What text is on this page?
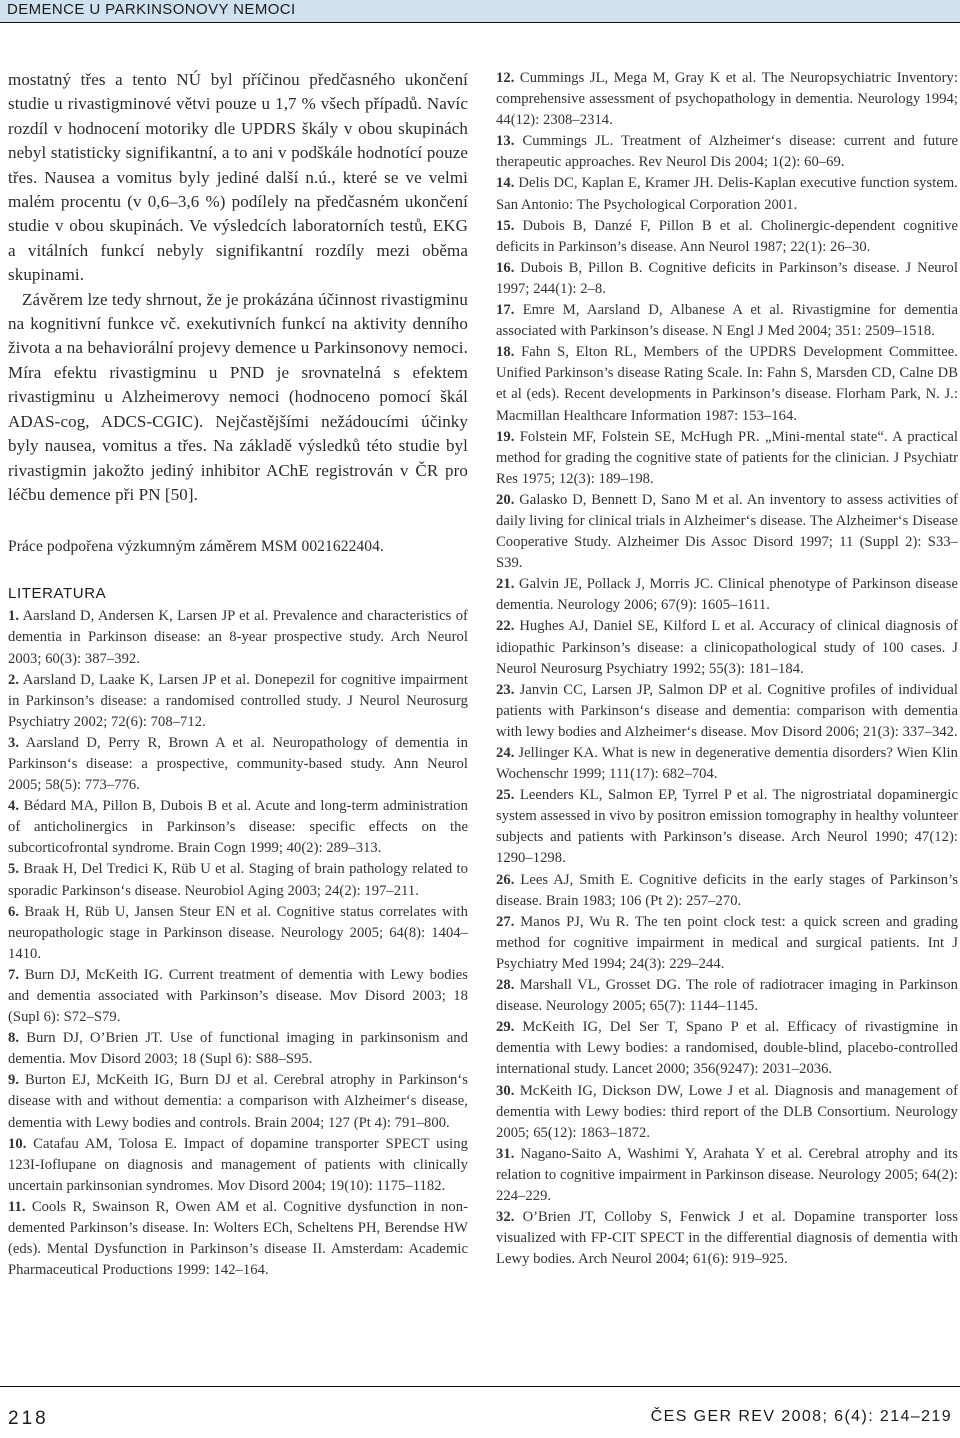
DEMENCE U PARKINSONOVY NEMOCI

mostatný třes a tento NÚ byl příčinou předčasného ukončení studie u rivastigminové větvi pouze u 1,7 % všech případů. Navíc rozdíl v hodnocení motoriky dle UPDRS škály v obou skupinách nebyl statisticky signifikantní, a to ani v podškále hodnotící pouze třes. Nausea a vomitus byly jediné další n.ú., které se ve velmi malém procentu (v 0,6–3,6 %) podílely na předčasném ukončení studie v obou skupinách. Ve výsledcích laboratorních testů, EKG a vitálních funkcí nebyly signifikantní rozdíly mezi oběma skupinami.

Závěrem lze tedy shrnout, že je prokázána účinnost rivastigminu na kognitivní funkce vč. exekutivních funkcí na aktivity denního života a na behaviorální projevy demence u Parkinsonovy nemoci. Míra efektu rivastigminu u PND je srovnatelná s efektem rivastigminu u Alzheimerovy nemoci (hodnoceno pomocí škál ADAS-cog, ADCS-CGIC). Nejčastějšími nežádoucími účinky byly nausea, vomitus a třes. Na základě výsledků této studie byl rivastigmin jakožto jediný inhibitor AChE registrován v ČR pro léčbu demence při PN [50].

Práce podpořena výzkumným záměrem MSM 0021622404.

LITERATURA
1. Aarsland D, Andersen K, Larsen JP et al. Prevalence and characteristics of dementia in Parkinson disease: an 8-year prospective study. Arch Neurol 2003; 60(3): 387–392.
2. Aarsland D, Laake K, Larsen JP et al. Donepezil for cognitive impairment in Parkinson’s disease: a randomised controlled study. J Neurol Neurosurg Psychiatry 2002; 72(6): 708–712.
3. Aarsland D, Perry R, Brown A et al. Neuropathology of dementia in Parkinson‘s disease: a prospective, community-based study. Ann Neurol 2005; 58(5): 773–776.
4. Bédard MA, Pillon B, Dubois B et al. Acute and long-term administration of anticholinergics in Parkinson’s disease: specific effects on the subcorticofrontal syndrome. Brain Cogn 1999; 40(2): 289–313.
5. Braak H, Del Tredici K, Rüb U et al. Staging of brain pathology related to sporadic Parkinson‘s disease. Neurobiol Aging 2003; 24(2): 197–211.
6. Braak H, Rüb U, Jansen Steur EN et al. Cognitive status correlates with neuropathologic stage in Parkinson disease. Neurology 2005; 64(8): 1404–1410.
7. Burn DJ, McKeith IG. Current treatment of dementia with Lewy bodies and dementia associated with Parkinson’s disease. Mov Disord 2003; 18 (Supl 6): S72–S79.
8. Burn DJ, O’Brien JT. Use of functional imaging in parkinsonism and dementia. Mov Disord 2003; 18 (Supl 6): S88–S95.
9. Burton EJ, McKeith IG, Burn DJ et al. Cerebral atrophy in Parkinson‘s disease with and without dementia: a comparison with Alzheimer‘s disease, dementia with Lewy bodies and controls. Brain 2004; 127 (Pt 4): 791–800.
10. Catafau AM, Tolosa E. Impact of dopamine transporter SPECT using 123I-Ioflupane on diagnosis and management of patients with clinically uncertain parkinsonian syndromes. Mov Disord 2004; 19(10): 1175–1182.
11. Cools R, Swainson R, Owen AM et al. Cognitive dysfunction in non-demented Parkinson’s disease. In: Wolters ECh, Scheltens PH, Berendse HW (eds). Mental Dysfunction in Parkinson’s disease II. Amsterdam: Academic Pharmaceutical Productions 1999: 142–164.
12. Cummings JL, Mega M, Gray K et al. The Neuropsychiatric Inventory: comprehensive assessment of psychopathology in dementia. Neurology 1994; 44(12): 2308–2314.
13. Cummings JL. Treatment of Alzheimer‘s disease: current and future therapeutic approaches. Rev Neurol Dis 2004; 1(2): 60–69.
14. Delis DC, Kaplan E, Kramer JH. Delis-Kaplan executive function system. San Antonio: The Psychological Corporation 2001.
15. Dubois B, Danzé F, Pillon B et al. Cholinergic-dependent cognitive deficits in Parkinson’s disease. Ann Neurol 1987; 22(1): 26–30.
16. Dubois B, Pillon B. Cognitive deficits in Parkinson’s disease. J Neurol 1997; 244(1): 2–8.
17. Emre M, Aarsland D, Albanese A et al. Rivastigmine for dementia associated with Parkinson’s disease. N Engl J Med 2004; 351: 2509–1518.
18. Fahn S, Elton RL, Members of the UPDRS Development Committee. Unified Parkinson’s disease Rating Scale. In: Fahn S, Marsden CD, Calne DB et al (eds). Recent developments in Parkinson’s disease. Florham Park, N. J.: Macmillan Healthcare Information 1987: 153–164.
19. Folstein MF, Folstein SE, McHugh PR. „Mini-mental state“. A practical method for grading the cognitive state of patients for the clinician. J Psychiatr Res 1975; 12(3): 189–198.
20. Galasko D, Bennett D, Sano M et al. An inventory to assess activities of daily living for clinical trials in Alzheimer‘s disease. The Alzheimer‘s Disease Cooperative Study. Alzheimer Dis Assoc Disord 1997; 11 (Suppl 2): S33–S39.
21. Galvin JE, Pollack J, Morris JC. Clinical phenotype of Parkinson disease dementia. Neurology 2006; 67(9): 1605–1611.
22. Hughes AJ, Daniel SE, Kilford L et al. Accuracy of clinical diagnosis of idiopathic Parkinson’s disease: a clinicopathological study of 100 cases. J Neurol Neurosurg Psychiatry 1992; 55(3): 181–184.
23. Janvin CC, Larsen JP, Salmon DP et al. Cognitive profiles of individual patients with Parkinson‘s disease and dementia: comparison with dementia with lewy bodies and Alzheimer‘s disease. Mov Disord 2006; 21(3): 337–342.
24. Jellinger KA. What is new in degenerative dementia disorders? Wien Klin Wochenschr 1999; 111(17): 682–704.
25. Leenders KL, Salmon EP, Tyrrel P et al. The nigrostriatal dopaminergic system assessed in vivo by positron emission tomography in healthy volunteer subjects and patients with Parkinson’s disease. Arch Neurol 1990; 47(12): 1290–1298.
26. Lees AJ, Smith E. Cognitive deficits in the early stages of Parkinson’s disease. Brain 1983; 106 (Pt 2): 257–270.
27. Manos PJ, Wu R. The ten point clock test: a quick screen and grading method for cognitive impairment in medical and surgical patients. Int J Psychiatry Med 1994; 24(3): 229–244.
28. Marshall VL, Grosset DG. The role of radiotracer imaging in Parkinson disease. Neurology 2005; 65(7): 1144–1145.
29. McKeith IG, Del Ser T, Spano P et al. Efficacy of rivastigmine in dementia with Lewy bodies: a randomised, double-blind, placebo-controlled international study. Lancet 2000; 356(9247): 2031–2036.
30. McKeith IG, Dickson DW, Lowe J et al. Diagnosis and management of dementia with Lewy bodies: third report of the DLB Consortium. Neurology 2005; 65(12): 1863–1872.
31. Nagano-Saito A, Washimi Y, Arahata Y et al. Cerebral atrophy and its relation to cognitive impairment in Parkinson disease. Neurology 2005; 64(2): 224–229.
32. O’Brien JT, Colloby S, Fenwick J et al. Dopamine transporter loss visualized with FP-CIT SPECT in the differential diagnosis of dementia with Lewy bodies. Arch Neurol 2004; 61(6): 919–925.
218	ČES GER REV 2008; 6(4): 214–219
